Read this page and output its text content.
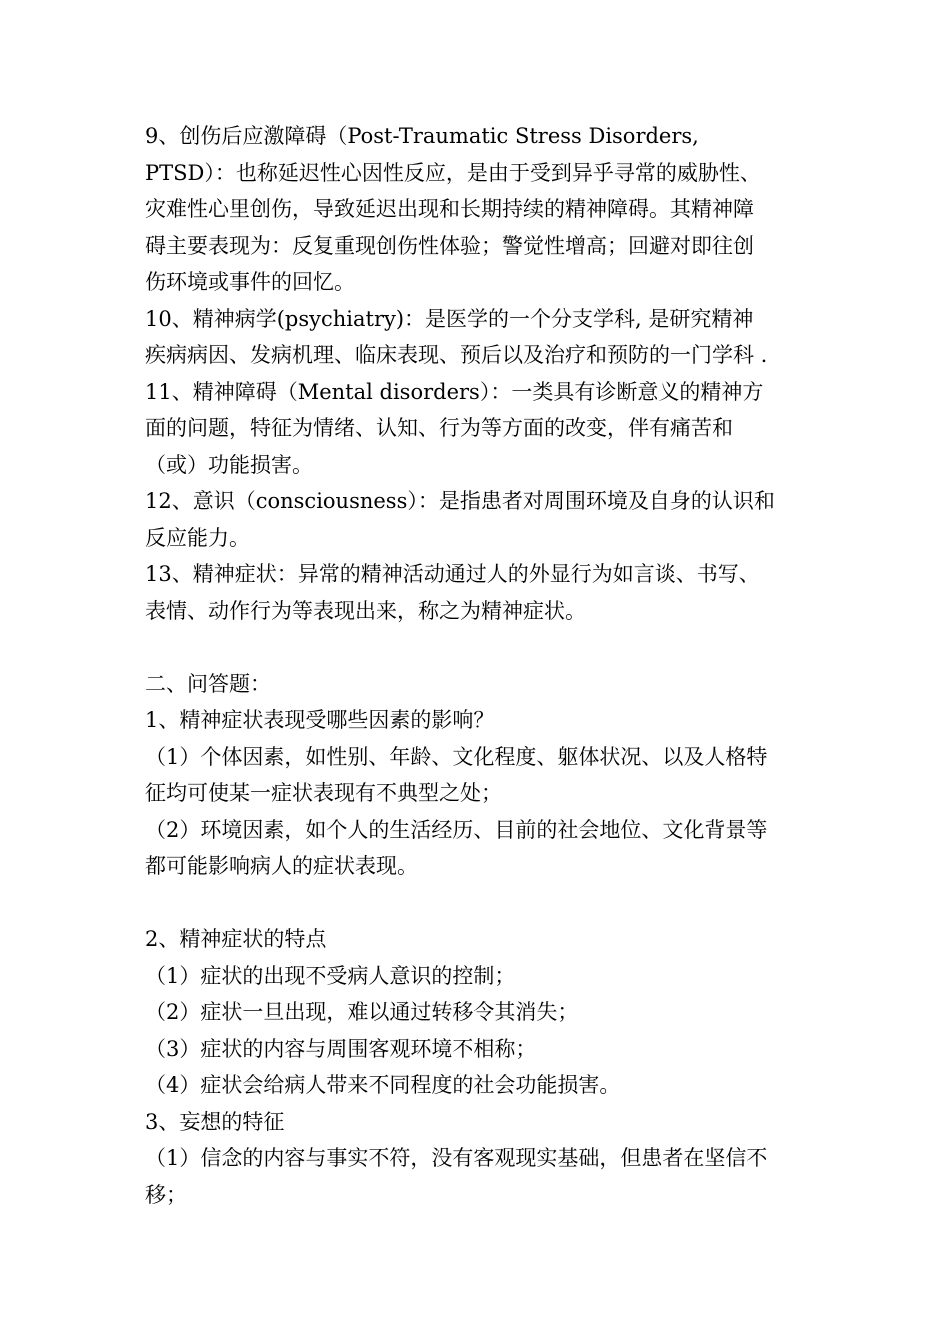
9、创伤后应激障碍（Post-Traumatic Stress Disorders,
PTSD）：也称延迟性心因性反应，是由于受到异乎寻常的威胁性、
灾难性心里创伤，导致延迟出现和长期持续的精神障碍。其精神障
碍主要表现为：反复重现创伤性体验；警觉性增高；回避对即往创
伤环境或事件的回忆。
10、精神病学(psychiatry)：是医学的一个分支学科, 是研究精神
疾病病因、发病机理、临床表现、预后以及治疗和预防的一门学科 .
11、精神障碍（Mental disorders）：一类具有诊断意义的精神方
面的问题，特征为情绪、认知、行为等方面的改变，伴有痛苦和
（或）功能损害。
12、意识（consciousness）：是指患者对周围环境及自身的认识和
反应能力。
13、精神症状：异常的精神活动通过人的外显行为如言谈、书写、
表情、动作行为等表现出来，称之为精神症状。
二、问答题：
1、精神症状表现受哪些因素的影响？
（1）个体因素，如性别、年龄、文化程度、躯体状况、以及人格特
征均可使某一症状表现有不典型之处；
（2）环境因素，如个人的生活经历、目前的社会地位、文化背景等
都可能影响病人的症状表现。
2、精神症状的特点
（1）症状的出现不受病人意识的控制；
（2）症状一旦出现，难以通过转移令其消失；
（3）症状的内容与周围客观环境不相称；
（4）症状会给病人带来不同程度的社会功能损害。
3、妄想的特征
（1）信念的内容与事实不符，没有客观现实基础，但患者在坚信不
移；
